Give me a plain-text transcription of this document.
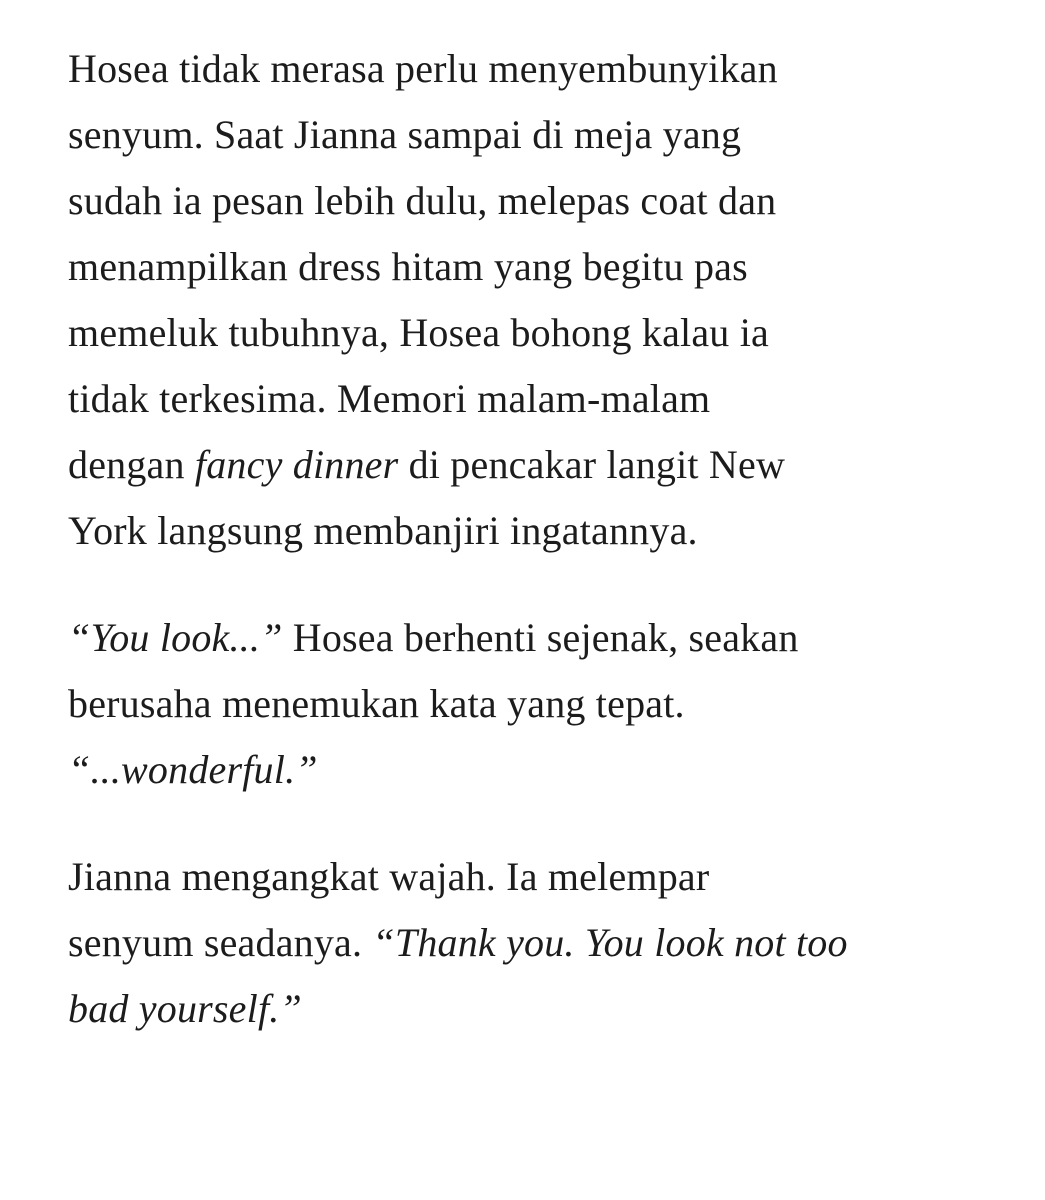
Hosea tidak merasa perlu menyembunyikan
senyum. Saat Jianna sampai di meja yang
sudah ia pesan lebih dulu, melepas coat dan
menampilkan dress hitam yang begitu pas
memeluk tubuhnya, Hosea bohong kalau ia
tidak terkesima. Memori malam-malam
dengan fancy dinner di pencakar langit New
York langsung membanjiri ingatannya.

“You look...” Hosea berhenti sejenak, seakan
berusaha menemukan kata yang tepat.
“...wonderful.”

Jianna mengangkat wajah. Ia melempar
senyum seadanya. “Thank you. You look not too
bad yourself.”
